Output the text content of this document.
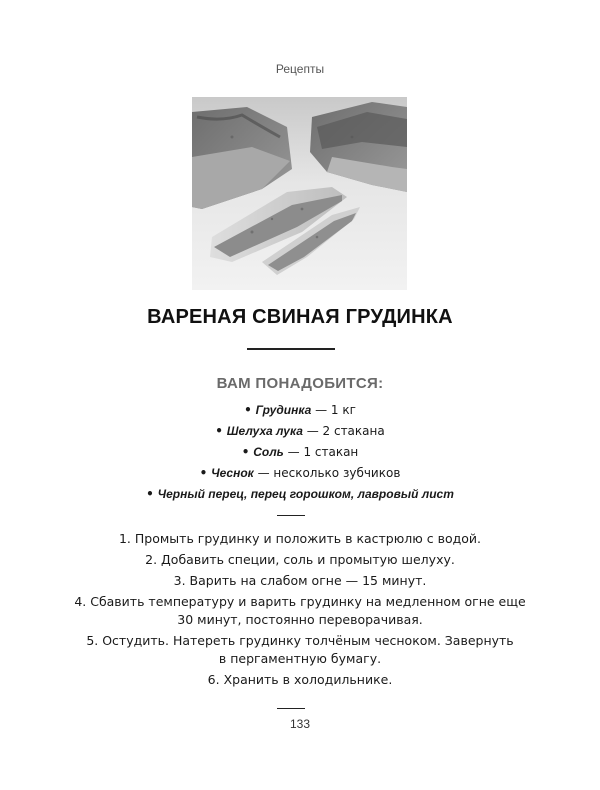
Рецепты
ВАРЕНАЯ СВИНАЯ ГРУДИНКА
ВАМ ПОНАДОБИТСЯ:
• Грудинка — 1 кг
• Шелуха лука — 2 стакана
• Соль — 1 стакан
• Чеснок — несколько зубчиков
• Черный перец, перец горошком, лавровый лист
1. Промыть грудинку и положить в кастрюлю с водой.
2. Добавить специи, соль и промытую шелуху.
3. Варить на слабом огне — 15 минут.
4. Сбавить температуру и варить грудинку на медленном огне еще
30 минут, постоянно переворачивая.
5. Остудить. Натереть грудинку толчёным чесноком. Завернуть
в пергаментную бумагу.
6. Хранить в холодильнике.
133
